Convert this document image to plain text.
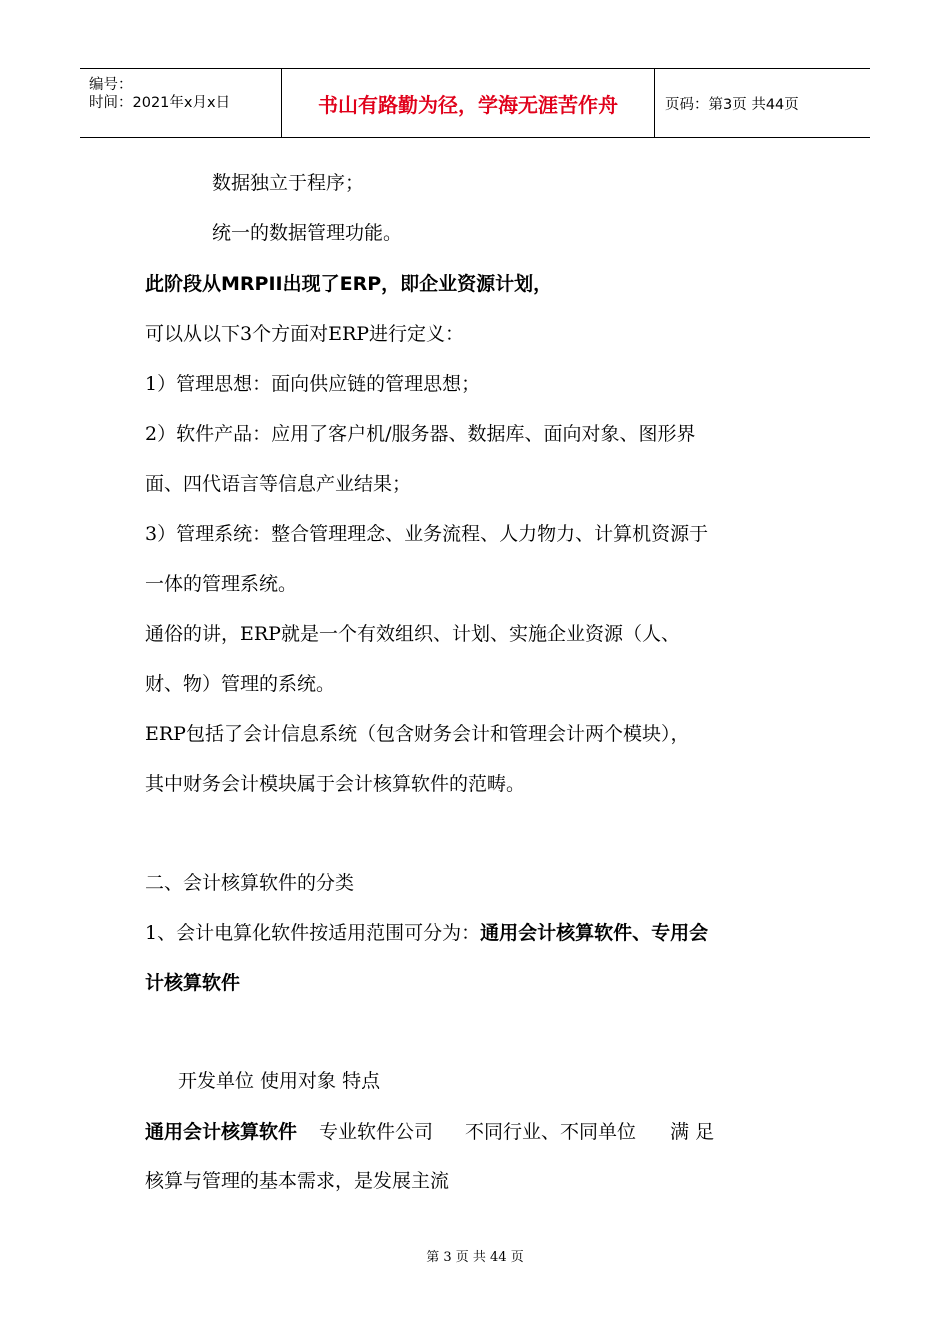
编号：
时间：2021年x月x日	书山有路勤为径，学海无涯苦作舟	页码：第3页 共44页
数据独立于程序；
统一的数据管理功能。
此阶段从MRPII出现了ERP，即企业资源计划，
可以从以下3个方面对ERP进行定义：
1）管理思想：面向供应链的管理思想；
2）软件产品：应用了客户机/服务器、数据库、面向对象、图形界
面、四代语言等信息产业结果；
3）管理系统：整合管理理念、业务流程、人力物力、计算机资源于
一体的管理系统。
通俗的讲，ERP就是一个有效组织、计划、实施企业资源（人、
财、物）管理的系统。
ERP包括了会计信息系统（包含财务会计和管理会计两个模块），
其中财务会计模块属于会计核算软件的范畴。
二、会计核算软件的分类
1、会计电算化软件按适用范围可分为：通用会计核算软件、专用会
计核算软件
开发单位 使用对象 特点
通用会计核算软件 专业软件公司 不同行业、不同单位 满 足
核算与管理的基本需求，是发展主流
第 3 页 共 44 页
